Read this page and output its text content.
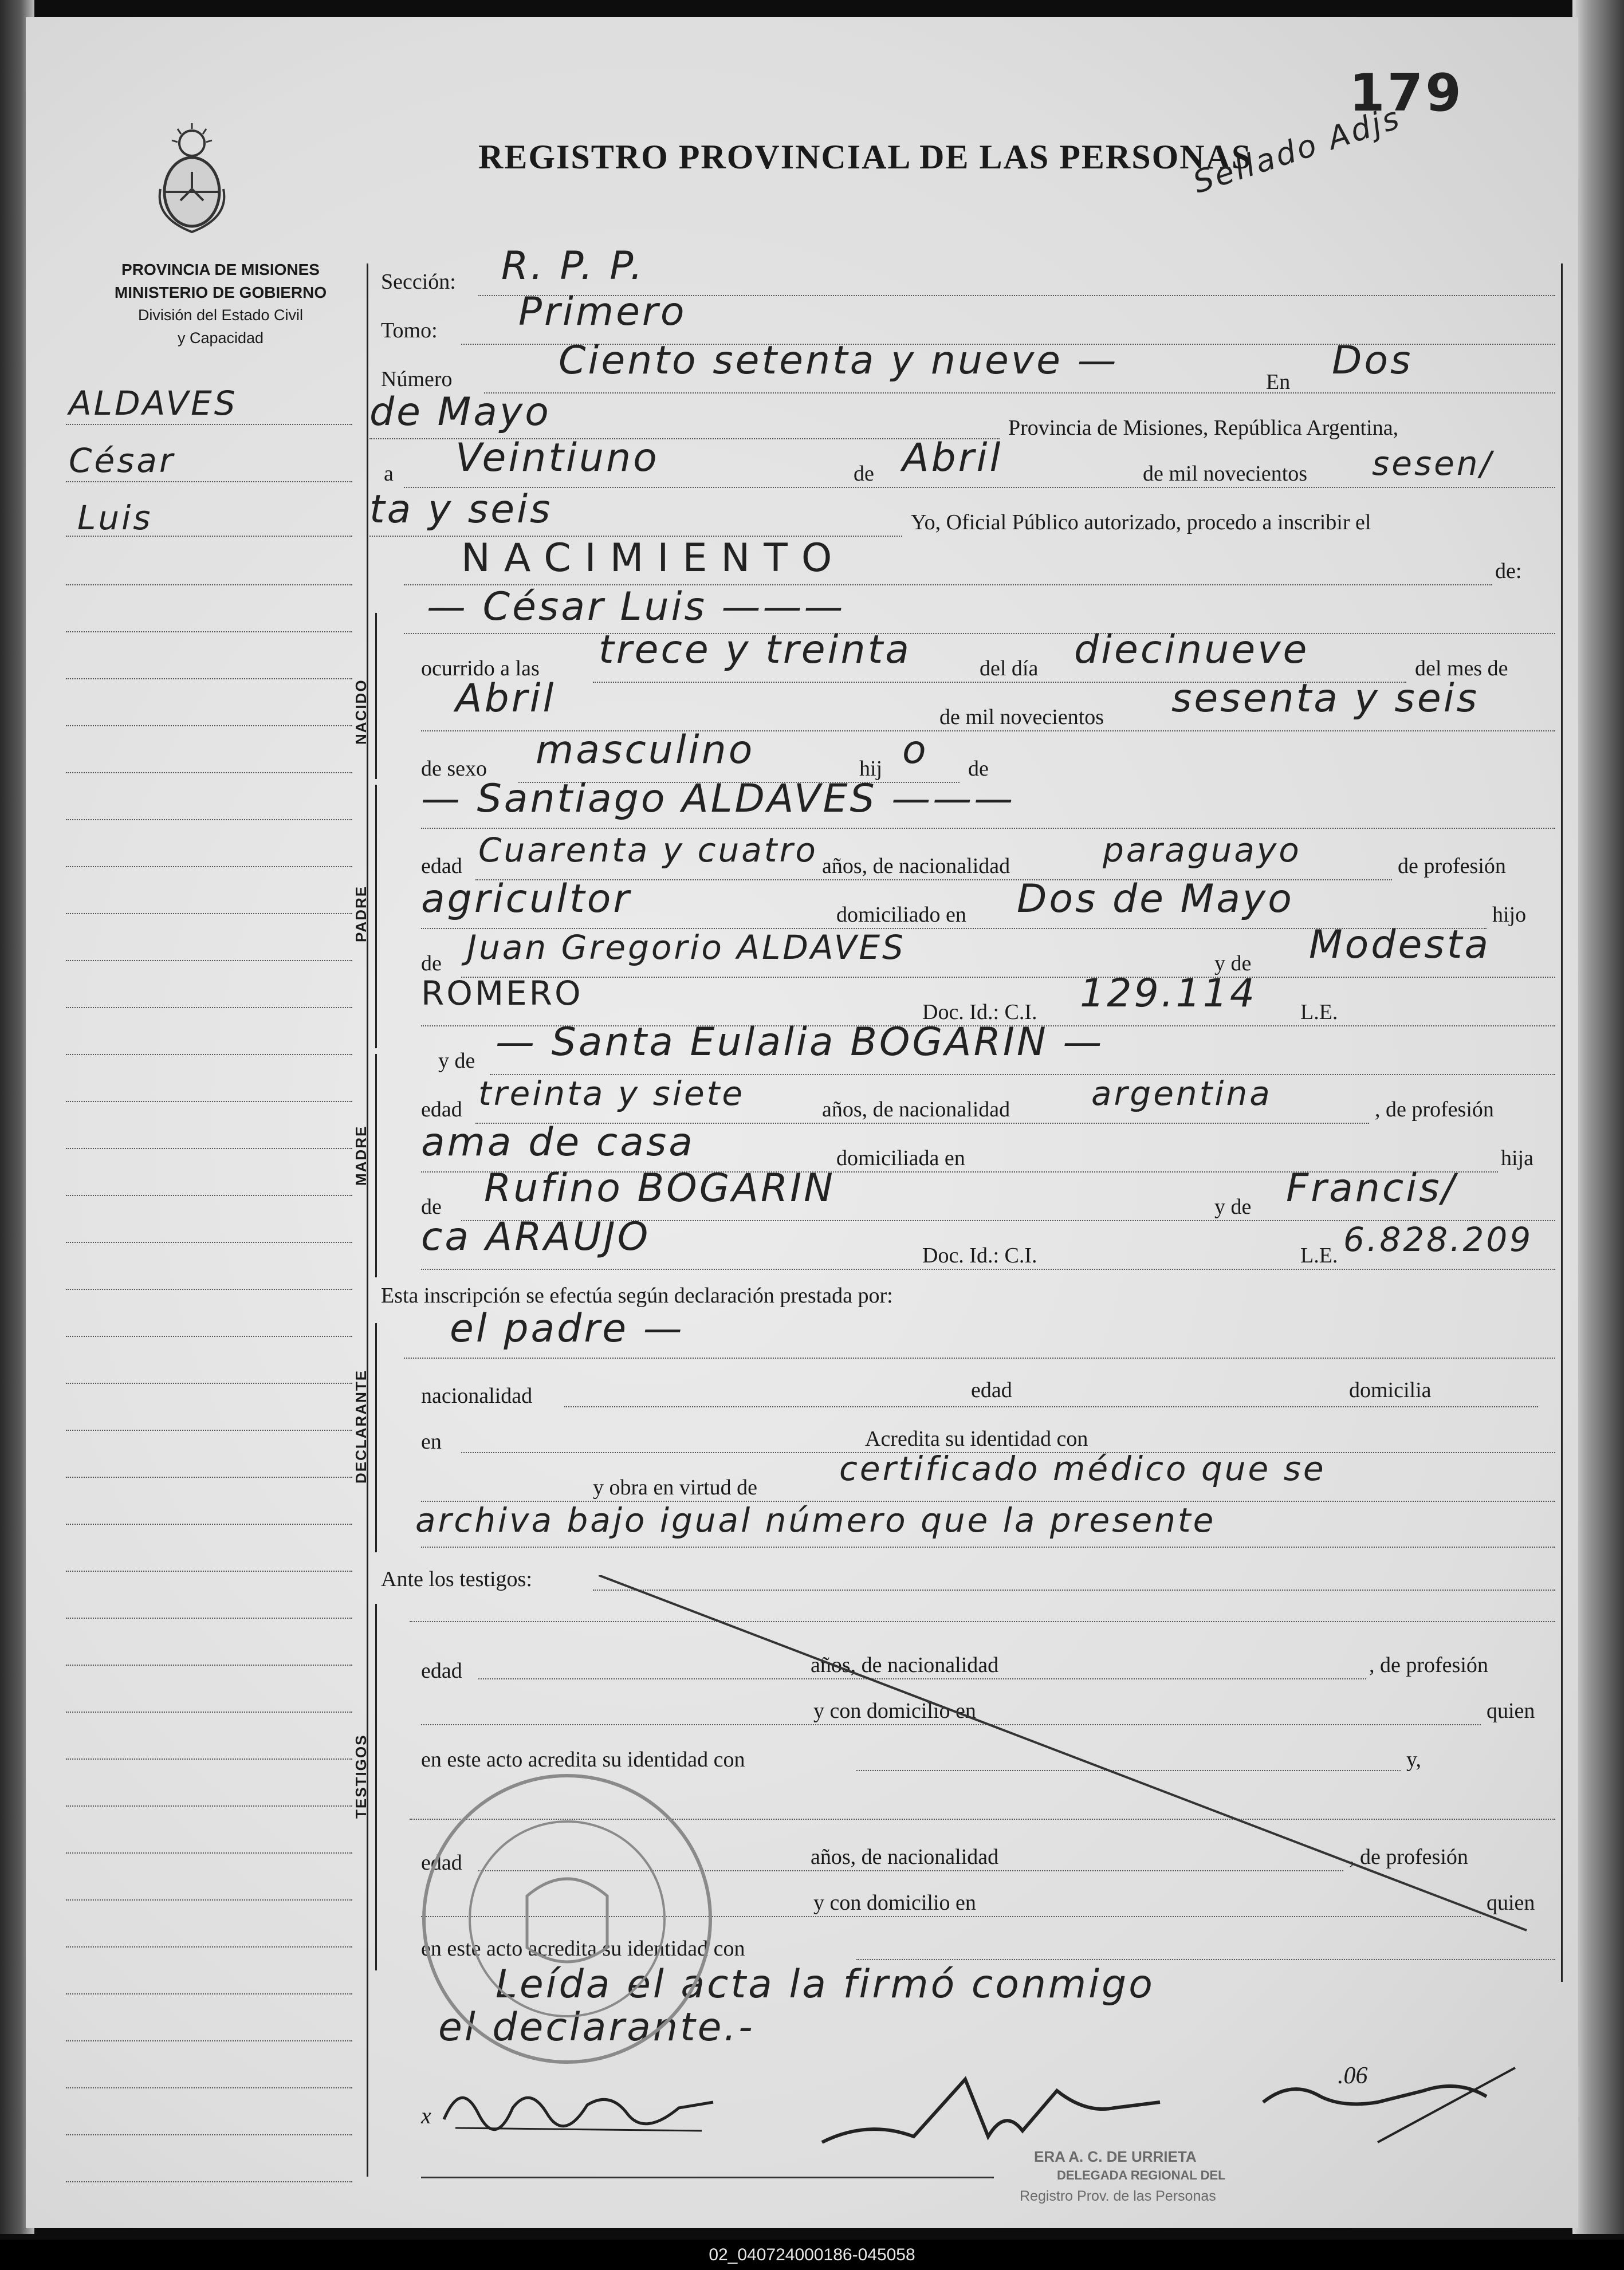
PROVINCIA DE MISIONES
MINISTERIO DE GOBIERNO
División del Estado Civil
y Capacidad
REGISTRO PROVINCIAL DE LAS PERSONAS
179
Sellado Adjs
ALDAVES
César
Luis
NACIDO
PADRE
MADRE
DECLARANTE
TESTIGOS
Sección: R. P. P.
Tomo: Primero
Número	Ciento setenta y nueve —	En Dos
de Mayo	Provincia de Misiones, República Argentina,
a Veintiuno	de Abril	de mil novecientos sesen/
ta y seis	Yo, Oficial Público autorizado, procedo a inscribir el
NACIMIENTO	de:
— César Luis ———
ocurrido a las trece y treinta	del día diecinueve	del mes de
Abril	de mil novecientos sesenta y seis
de sexo masculino	hij o de
— Santiago ALDAVES ———
edad Cuarenta y cuatro años, de nacionalidad	paraguayo	de profesión
agricultor	domiciliado en Dos de Mayo	hijo
de Juan Gregorio ALDAVES	y de Modesta
ROMERO	Doc. Id.: C.I. 129.114 L.E.
y de — Santa Eulalia BOGARIN —
edad treinta y siete	años, de nacionalidad argentina	, de profesión
ama de casa	domiciliada en	hija
de Rufino BOGARIN	y de Francis/
ca ARAUJO	Doc. Id.: C.I.	L.E. 6.828.209
Esta inscripción se efectúa según declaración prestada por:
el padre —
nacionalidad	edad	domicilia
en	Acredita su identidad con
y obra en virtud de certificado médico que se
archiva bajo igual número que la presente
Ante los testigos:
edad	años, de nacionalidad	, de profesión
y con domicilio en	quien
en este acto acredita su identidad con	y,
edad	años, de nacionalidad	, de profesión
y con domicilio en	quien
en este acto acredita su identidad con
Leída el acta la firmó conmigo
el declarante.-
x
.06
ERA A. C. DE URRIETA
DELEGADA REGIONAL DEL
Registro Prov. de las Personas
02_040724000186-045058
